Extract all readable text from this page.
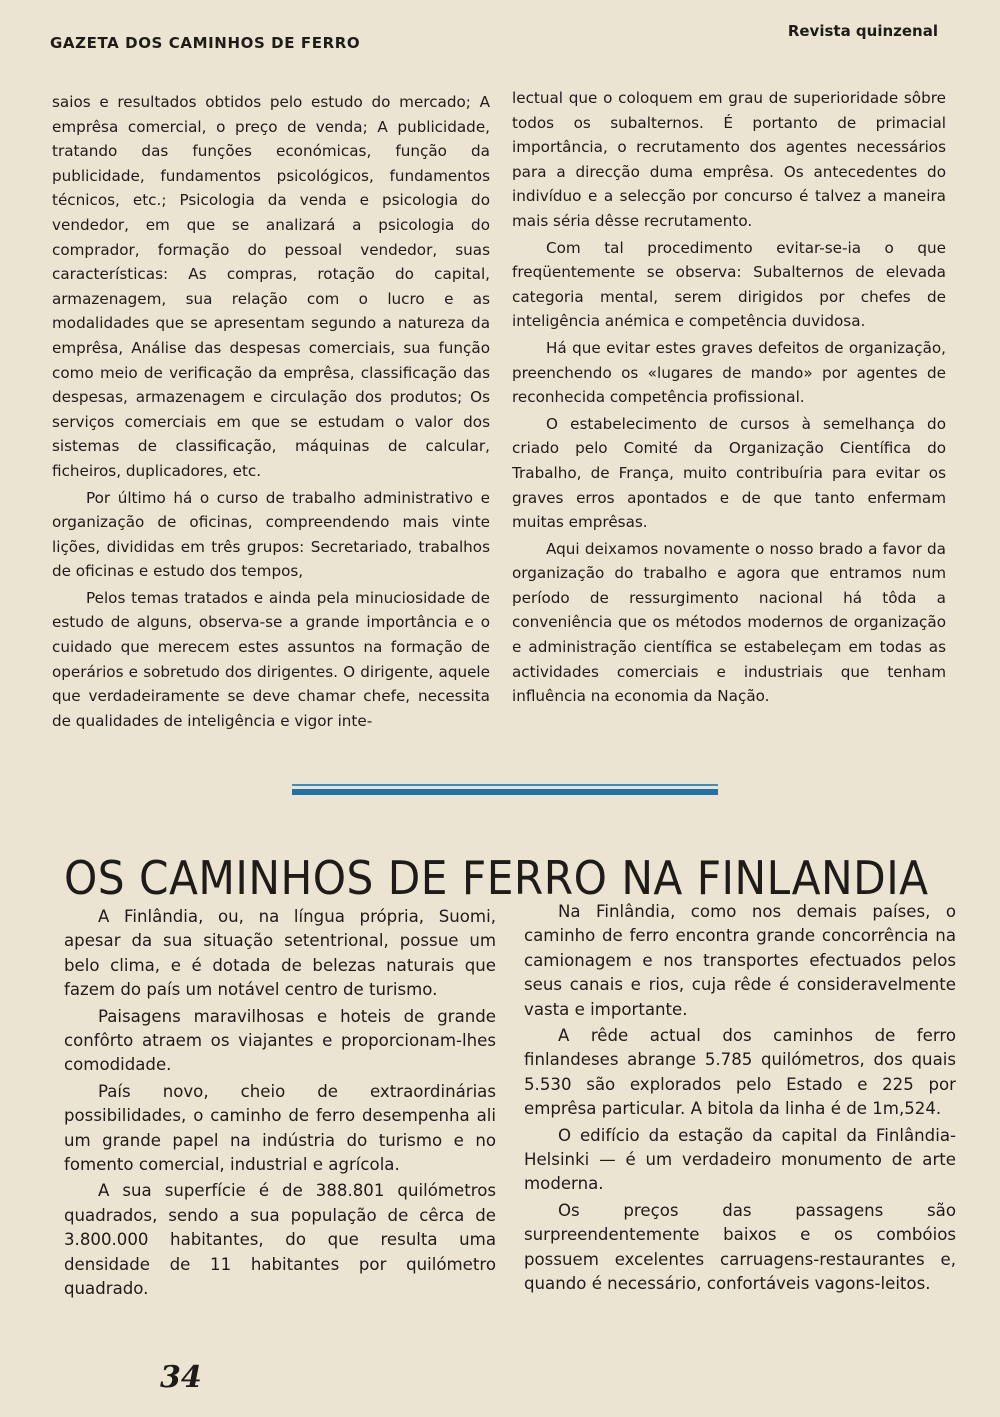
GAZETA DOS CAMINHOS DE FERRO
Revista quinzenal

saios e resultados obtidos pelo estudo do mercado; A emprêsa comercial, o preço de venda; A publicidade, tratando das funções económicas, função da publicidade, fundamentos psicológicos, fundamentos técnicos, etc.; Psicologia da venda e psicologia do vendedor, em que se analizará a psicologia do comprador, formação do pessoal vendedor, suas características: As compras, rotação do capital, armazenagem, sua relação com o lucro e as modalidades que se apresentam segundo a natureza da emprêsa, Análise das despesas comerciais, sua função como meio de verificação da emprêsa, classificação das despesas, armazenagem e circulação dos produtos; Os serviços comerciais em que se estudam o valor dos sistemas de classificação, máquinas de calcular, ficheiros, duplicadores, etc.

Por último há o curso de trabalho administrativo e organização de oficinas, compreendendo mais vinte lições, divididas em três grupos: Secretariado, trabalhos de oficinas e estudo dos tempos,

Pelos temas tratados e ainda pela minuciosidade de estudo de alguns, observa-se a grande importância e o cuidado que merecem estes assuntos na formação de operários e sobretudo dos dirigentes. O dirigente, aquele que verdadeiramente se deve chamar chefe, necessita de qualidades de inteligência e vigor inte-

lectual que o coloquem em grau de superioridade sôbre todos os subalternos. É portanto de primacial importância, o recrutamento dos agentes necessários para a direcção duma emprêsa. Os antecedentes do indivíduo e a selecção por concurso é talvez a maneira mais séria dêsse recrutamento.

Com tal procedimento evitar-se-ia o que freqüentemente se observa: Subalternos de elevada categoria mental, serem dirigidos por chefes de inteligência anémica e competência duvidosa.

Há que evitar estes graves defeitos de organização, preenchendo os «lugares de mando» por agentes de reconhecida competência profissional.

O estabelecimento de cursos à semelhança do criado pelo Comité da Organização Científica do Trabalho, de França, muito contribuíria para evitar os graves erros apontados e de que tanto enfermam muitas emprêsas.

Aqui deixamos novamente o nosso brado a favor da organização do trabalho e agora que entramos num período de ressurgimento nacional há tôda a conveniência que os métodos modernos de organização e administração científica se estabeleçam em todas as actividades comerciais e industriais que tenham influência na economia da Nação.

OS CAMINHOS DE FERRO NA FINLANDIA

A Finlândia, ou, na língua própria, Suomi, apesar da sua situação setentrional, possue um belo clima, e é dotada de belezas naturais que fazem do país um notável centro de turismo.

Paisagens maravilhosas e hoteis de grande confôrto atraem os viajantes e proporcionam-lhes comodidade.

País novo, cheio de extraordinárias possibilidades, o caminho de ferro desempenha ali um grande papel na indústria do turismo e no fomento comercial, industrial e agrícola.

A sua superfície é de 388.801 quilómetros quadrados, sendo a sua população de cêrca de 3.800.000 habitantes, do que resulta uma densidade de 11 habitantes por quilómetro quadrado.

Na Finlândia, como nos demais países, o caminho de ferro encontra grande concorrência na camionagem e nos transportes efectuados pelos seus canais e rios, cuja rêde é consideravelmente vasta e importante.

A rêde actual dos caminhos de ferro finlandeses abrange 5.785 quilómetros, dos quais 5.530 são explorados pelo Estado e 225 por emprêsa particular. A bitola da linha é de 1m,524.

O edifício da estação da capital da Finlândia-Helsinki — é um verdadeiro monumento de arte moderna.

Os preços das passagens são surpreendentemente baixos e os combóios possuem excelentes carruagens-restaurantes e, quando é necessário, confortáveis vagons-leitos.

34
